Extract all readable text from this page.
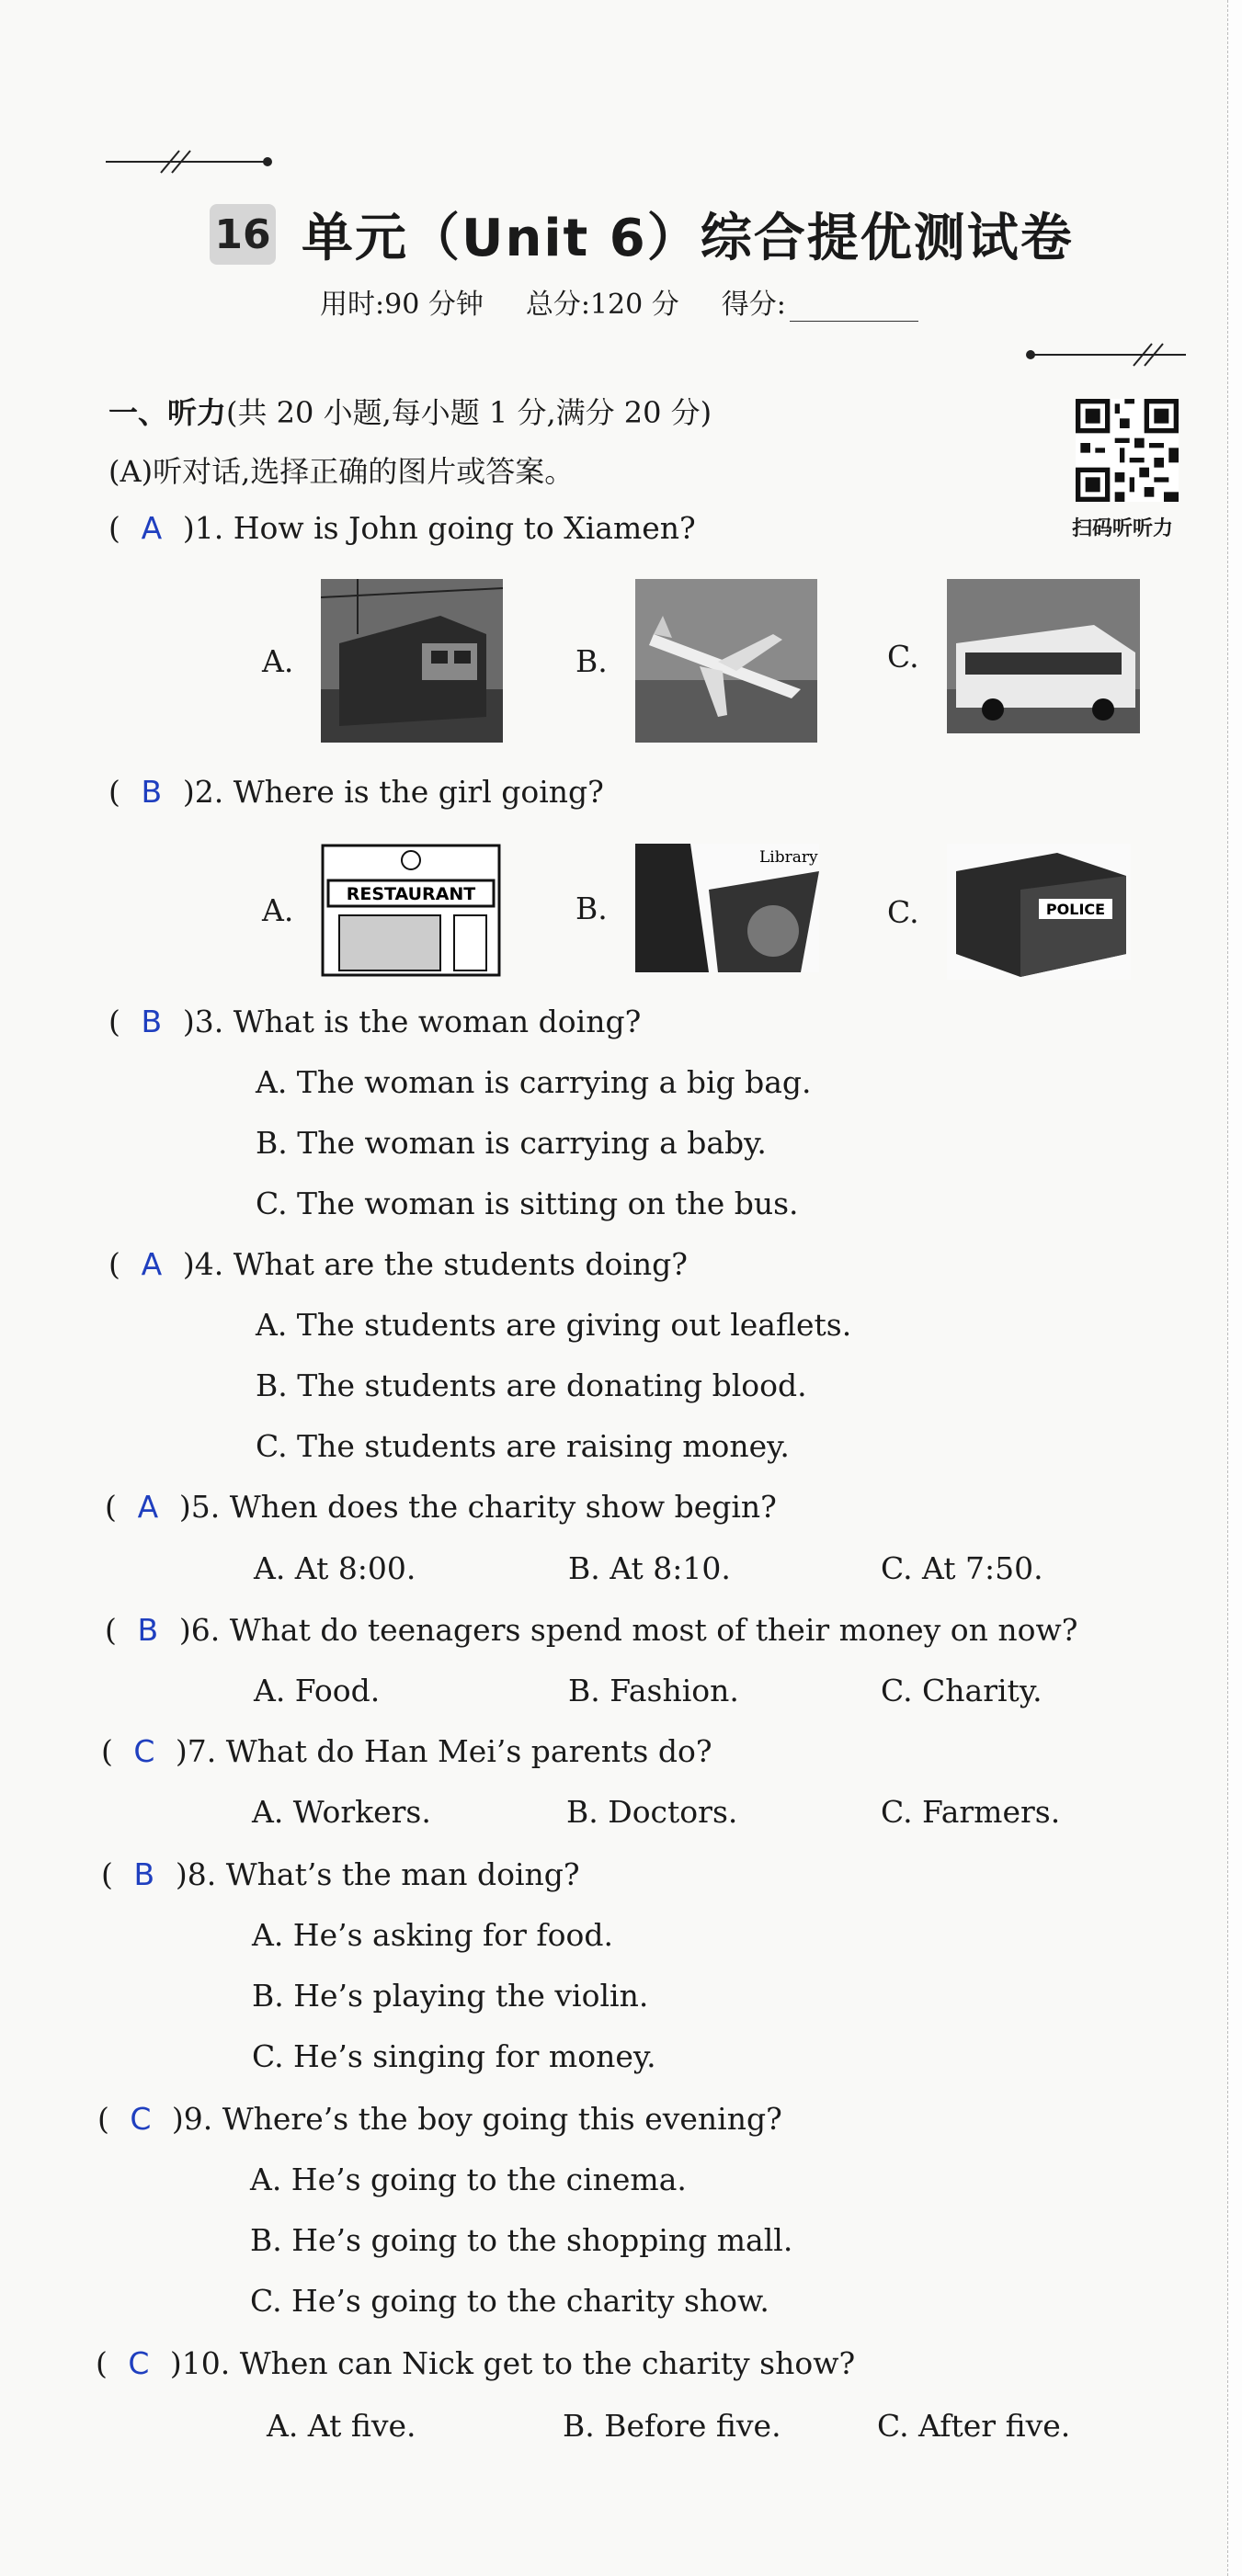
16 单元（Unit 6）综合提优测试卷
用时:90 分钟 总分:120 分 得分:
扫码听听力
一、听力(共 20 小题,每小题 1 分,满分 20 分)
(A)听对话,选择正确的图片或答案。
( A )1. How is John going to Xiamen?
A.	B.	C.
( B )2. Where is the girl going?
A.	RESTAURANT	B.
Library
C.	POLICE
( B )3. What is the woman doing?
A. The woman is carrying a big bag.
B. The woman is carrying a baby.
C. The woman is sitting on the bus.
( A )4. What are the students doing?
A. The students are giving out leaflets.
B. The students are donating blood.
C. The students are raising money.
( A )5. When does the charity show begin?
A. At 8:00.	B. At 8:10.	C. At 7:50.
( B )6. What do teenagers spend most of their money on now?
A. Food.	B. Fashion.	C. Charity.
( C )7. What do Han Mei’s parents do?
A. Workers.	B. Doctors.	C. Farmers.
( B )8. What’s the man doing?
A. He’s asking for food.
B. He’s playing the violin.
C. He’s singing for money.
( C )9. Where’s the boy going this evening?
A. He’s going to the cinema.
B. He’s going to the shopping mall.
C. He’s going to the charity show.
( C )10. When can Nick get to the charity show?
A. At five.	B. Before five.	C. After five.
